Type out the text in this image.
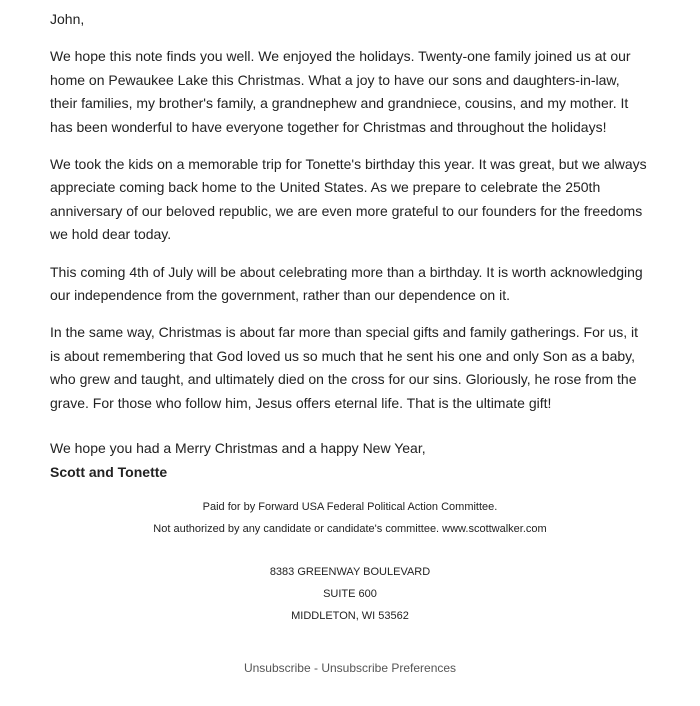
John,

We hope this note finds you well. We enjoyed the holidays. Twenty-one family joined us at our home on Pewaukee Lake this Christmas. What a joy to have our sons and daughters-in-law, their families, my brother's family, a grandnephew and grandniece, cousins, and my mother. It has been wonderful to have everyone together for Christmas and throughout the holidays!

We took the kids on a memorable trip for Tonette's birthday this year. It was great, but we always appreciate coming back home to the United States. As we prepare to celebrate the 250th anniversary of our beloved republic, we are even more grateful to our founders for the freedoms we hold dear today.

This coming 4th of July will be about celebrating more than a birthday. It is worth acknowledging our independence from the government, rather than our dependence on it.

In the same way, Christmas is about far more than special gifts and family gatherings. For us, it is about remembering that God loved us so much that he sent his one and only Son as a baby, who grew and taught, and ultimately died on the cross for our sins. Gloriously, he rose from the grave. For those who follow him, Jesus offers eternal life. That is the ultimate gift!

We hope you had a Merry Christmas and a happy New Year,

Scott and Tonette

Paid for by Forward USA Federal Political Action Committee.
Not authorized by any candidate or candidate's committee. www.scottwalker.com
8383 GREENWAY BOULEVARD
SUITE 600
MIDDLETON, WI 53562
Unsubscribe - Unsubscribe Preferences
